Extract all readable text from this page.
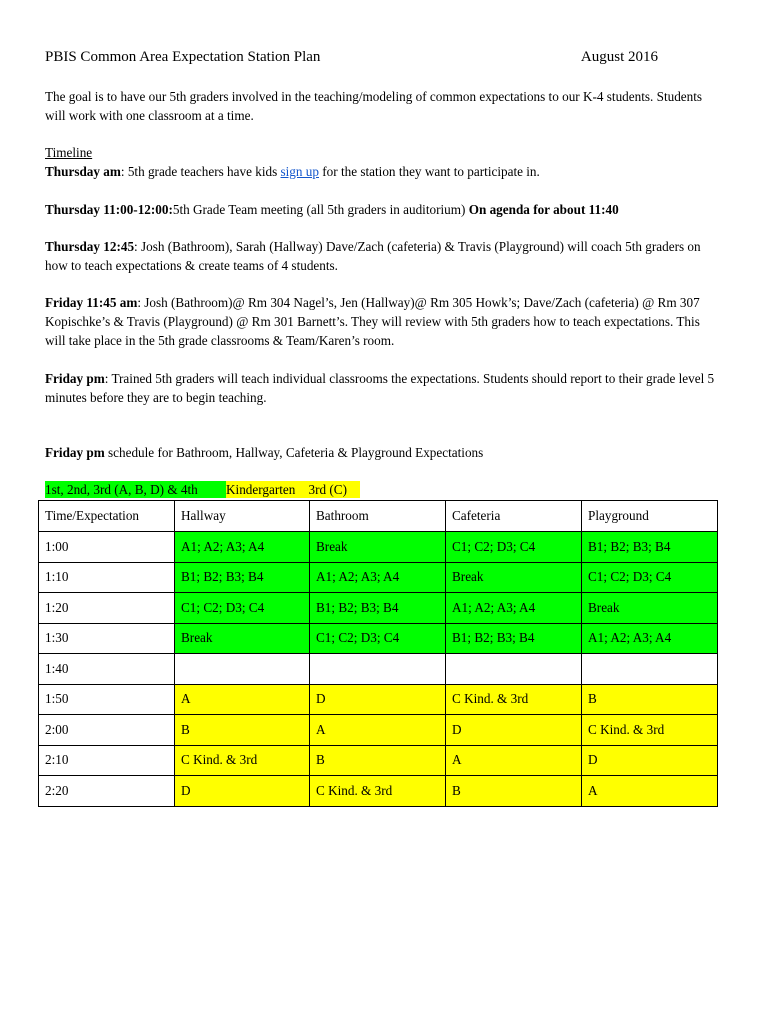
PBIS Common Area Expectation Station Plan	August 2016
The goal is to have our 5th graders involved in the teaching/modeling of common expectations to our K-4 students. Students will work with one classroom at a time.
Timeline
Thursday am: 5th grade teachers have kids sign up for the station they want to participate in.
Thursday 11:00-12:00:5th Grade Team meeting (all 5th graders in auditorium) On agenda for about 11:40
Thursday 12:45: Josh (Bathroom), Sarah (Hallway) Dave/Zach (cafeteria) & Travis (Playground) will coach 5th graders on how to teach expectations & create teams of 4 students.
Friday 11:45 am: Josh (Bathroom)@ Rm 304 Nagel’s, Jen (Hallway)@ Rm 305 Howk’s; Dave/Zach (cafeteria) @ Rm 307 Kopischke’s & Travis (Playground) @ Rm 301 Barnett’s. They will review with 5th graders how to teach expectations. This will take place in the 5th grade classrooms & Team/Karen’s room.
Friday pm: Trained 5th graders will teach individual classrooms the expectations. Students should report to their grade level 5 minutes before they are to begin teaching.
Friday pm schedule for Bathroom, Hallway, Cafeteria & Playground Expectations
1st, 2nd, 3rd (A, B, D) & 4th Kindergarten    3rd (C)
Time/Expectation	Hallway	Bathroom	Cafeteria	Playground
1:00	A1; A2; A3; A4	Break	C1; C2; D3; C4	B1; B2; B3; B4
1:10	B1; B2; B3; B4	A1; A2; A3; A4	Break	C1; C2; D3; C4
1:20	C1; C2; D3; C4	B1; B2; B3; B4	A1; A2; A3; A4	Break
1:30	Break	C1; C2; D3; C4	B1; B2; B3; B4	A1; A2; A3; A4
1:40				
1:50	A	D	C Kind. & 3rd	B
2:00	B	A	D	C Kind. & 3rd
2:10	C Kind. & 3rd	B	A	D
2:20	D	C Kind. & 3rd	B	A
